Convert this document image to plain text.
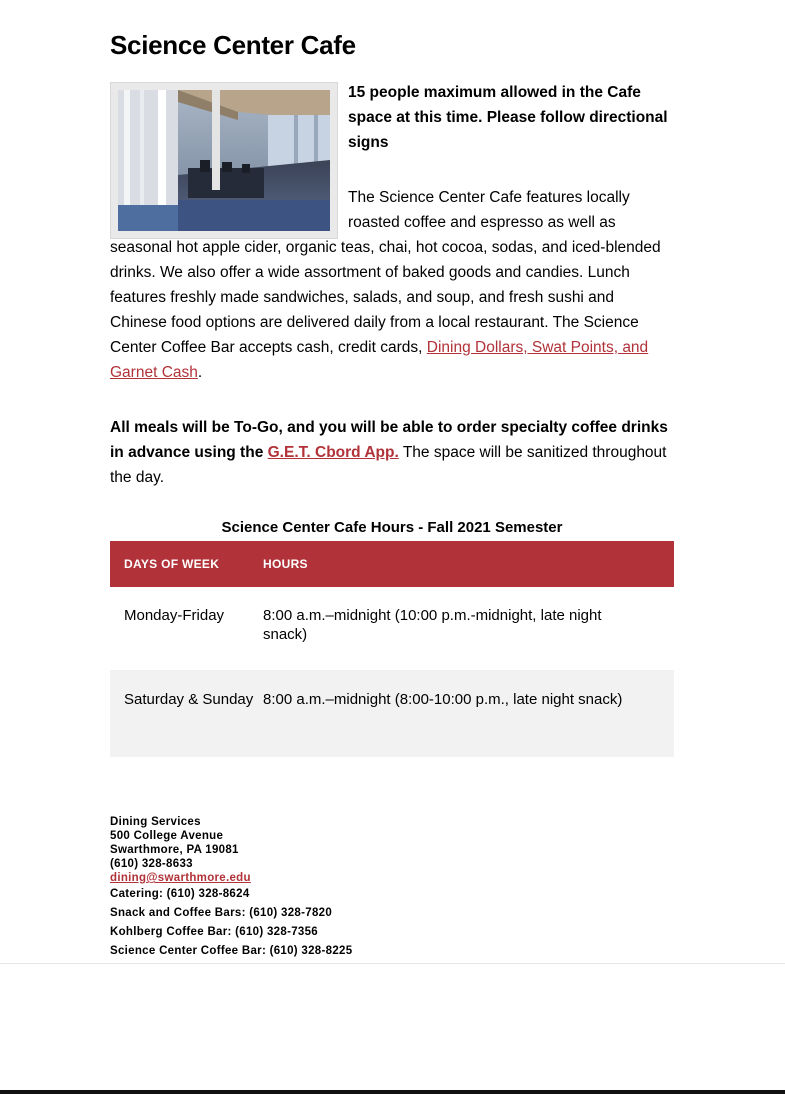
Science Center Cafe

15 people maximum allowed in the Cafe space at this time. Please follow directional signs

The Science Center Cafe features locally roasted coffee and espresso as well as seasonal hot apple cider, organic teas, chai, hot cocoa, sodas, and iced-blended drinks. We also offer a wide assortment of baked goods and candies. Lunch features freshly made sandwiches, salads, and soup, and fresh sushi and Chinese food options are delivered daily from a local restaurant. The Science Center Coffee Bar accepts cash, credit cards, Dining Dollars, Swat Points, and Garnet Cash.

All meals will be To-Go, and you will be able to order specialty coffee drinks in advance using the G.E.T. Cbord App. The space will be sanitized throughout the day.

Science Center Cafe Hours - Fall 2021 Semester
DAYS OF WEEK	HOURS
Monday-Friday	8:00 a.m.–midnight (10:00 p.m.-midnight, late night snack)
Saturday & Sunday 8:00 a.m.–midnight (8:00-10:00 p.m., late night snack)
Dining Services
500 College Avenue
Swarthmore, PA 19081
(610) 328-8633
dining@swarthmore.edu
Catering: (610) 328-8624
Snack and Coffee Bars: (610) 328-7820
Kohlberg Coffee Bar: (610) 328-7356
Science Center Coffee Bar: (610) 328-8225
